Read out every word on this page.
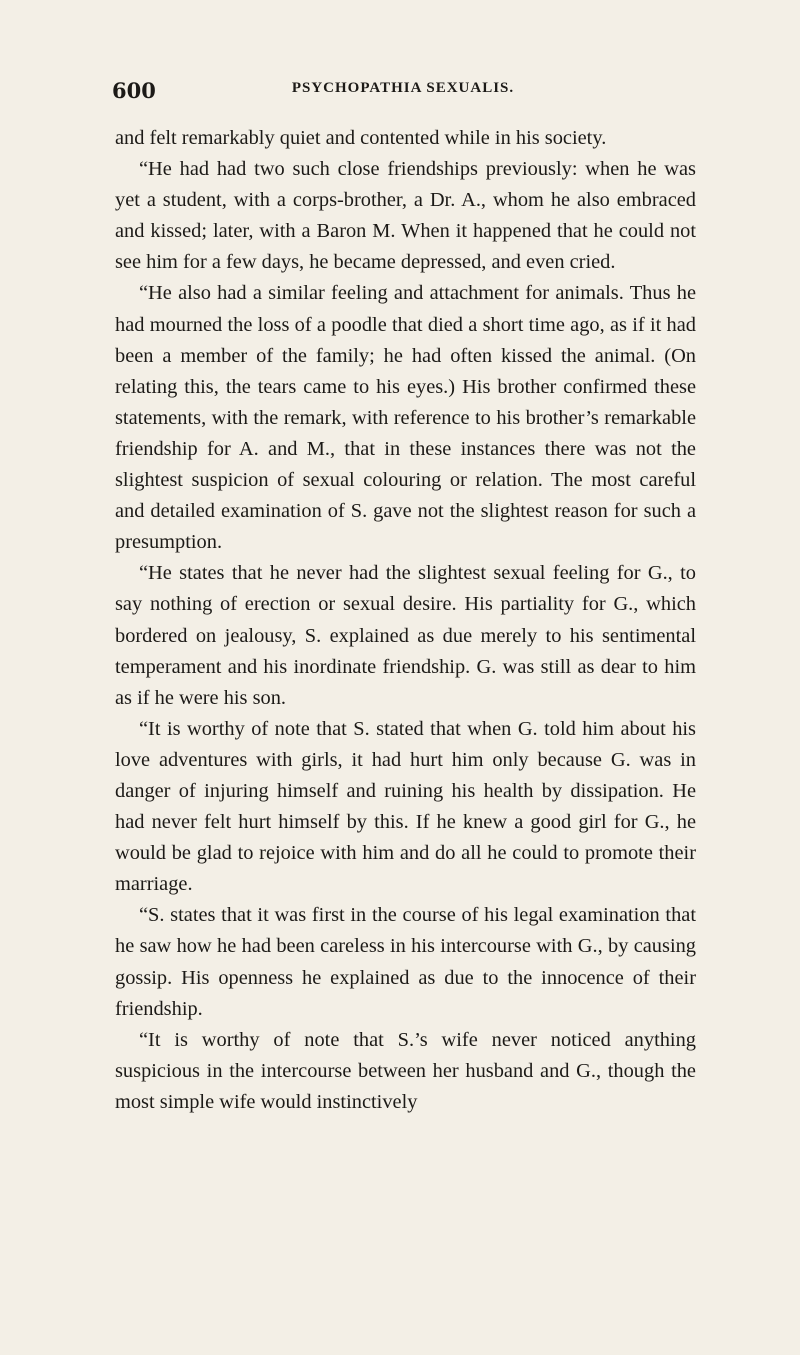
600	PSYCHOPATHIA SEXUALIS.

and felt remarkably quiet and contented while in his society.

“He had had two such close friendships previously: when he was yet a student, with a corps-brother, a Dr. A., whom he also embraced and kissed; later, with a Baron M. When it happened that he could not see him for a few days, he became depressed, and even cried.

“He also had a similar feeling and attachment for animals. Thus he had mourned the loss of a poodle that died a short time ago, as if it had been a member of the family; he had often kissed the animal. (On relating this, the tears came to his eyes.) His brother confirmed these statements, with the remark, with reference to his brother’s remarkable friendship for A. and M., that in these instances there was not the slightest suspicion of sexual colouring or relation. The most careful and detailed examination of S. gave not the slightest reason for such a presumption.

“He states that he never had the slightest sexual feeling for G., to say nothing of erection or sexual desire. His partiality for G., which bordered on jealousy, S. explained as due merely to his sentimental temperament and his inordinate friendship. G. was still as dear to him as if he were his son.

“It is worthy of note that S. stated that when G. told him about his love adventures with girls, it had hurt him only because G. was in danger of injuring himself and ruining his health by dissipation. He had never felt hurt himself by this. If he knew a good girl for G., he would be glad to rejoice with him and do all he could to promote their marriage.

“S. states that it was first in the course of his legal examination that he saw how he had been careless in his intercourse with G., by causing gossip. His openness he explained as due to the innocence of their friendship.

“It is worthy of note that S.’s wife never noticed anything suspicious in the intercourse between her husband and G., though the most simple wife would instinctively
